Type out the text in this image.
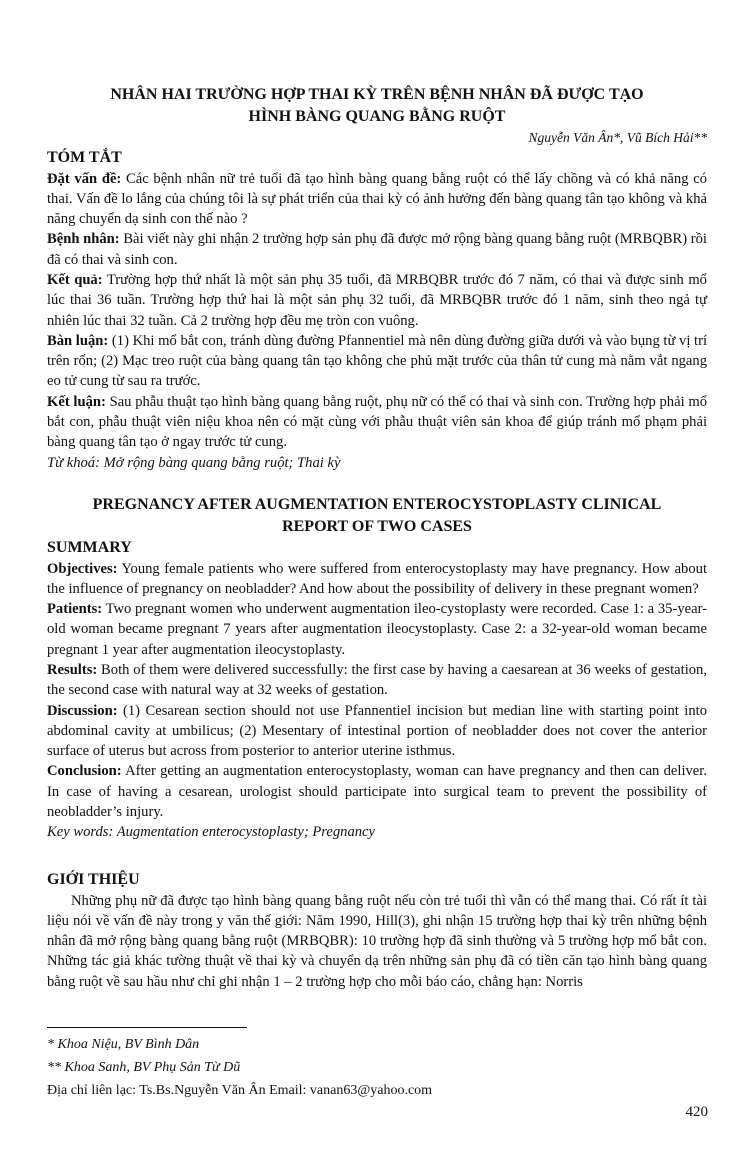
NHÂN HAI TRƯỜNG HỢP THAI KỲ TRÊN BỆNH NHÂN ĐÃ ĐƯỢC TẠO
HÌNH BÀNG QUANG BẰNG RUỘT
Nguyễn Văn Ân*, Vũ Bích Hải**
TÓM TẮT

Đặt vấn đề: Các bệnh nhân nữ trẻ tuổi đã tạo hình bàng quang bằng ruột có thể lấy chồng và có khả năng có thai. Vấn đề lo lắng của chúng tôi là sự phát triển của thai kỳ có ảnh hưởng đến bàng quang tân tạo không và khả năng chuyển dạ sinh con thế nào ?

Bệnh nhân: Bài viết này ghi nhận 2 trường hợp sản phụ đã được mở rộng bàng quang bằng ruột (MRBQBR) rồi đã có thai và sinh con.

Kết quả: Trường hợp thứ nhất là một sản phụ 35 tuổi, đã MRBQBR trước đó 7 năm, có thai và được sinh mổ lúc thai 36 tuần. Trường hợp thứ hai là một sản phụ 32 tuổi, đã MRBQBR trước đó 1 năm, sinh theo ngả tự nhiên lúc thai 32 tuần. Cả 2 trường hợp đều mẹ tròn con vuông.

Bàn luận: (1) Khi mổ bắt con, tránh dùng đường Pfannentiel mà nên dùng đường giữa dưới và vào bụng từ vị trí trên rốn; (2) Mạc treo ruột của bàng quang tân tạo không che phủ mặt trước của thân tử cung mà nằm vắt ngang eo tử cung từ sau ra trước.

Kết luận: Sau phẫu thuật tạo hình bàng quang bằng ruột, phụ nữ có thể có thai và sinh con. Trường hợp phải mổ bắt con, phẫu thuật viên niệu khoa nên có mặt cùng với phẫu thuật viên sản khoa để giúp tránh mổ phạm phải bàng quang tân tạo ở ngay trước tử cung.

Từ khoá: Mở rộng bàng quang bằng ruột; Thai kỳ

PREGNANCY AFTER AUGMENTATION ENTEROCYSTOPLASTY CLINICAL
REPORT OF TWO CASES
SUMMARY

Objectives: Young female patients who were suffered from enterocystoplasty may have pregnancy. How about the influence of pregnancy on neobladder? And how about the possibility of delivery in these pregnant women?

Patients: Two pregnant women who underwent augmentation ileo-cystoplasty were recorded. Case 1: a 35-year-old woman became pregnant 7 years after augmentation ileocystoplasty. Case 2: a 32-year-old woman became pregnant 1 year after augmentation ileocystoplasty.

Results: Both of them were delivered successfully: the first case by having a caesarean at 36 weeks of gestation, the second case with natural way at 32 weeks of gestation.

Discussion: (1) Cesarean section should not use Pfannentiel incision but median line with starting point into abdominal cavity at umbilicus; (2) Mesentary of intestinal portion of neobladder does not cover the anterior surface of uterus but across from posterior to anterior uterine isthmus.

Conclusion: After getting an augmentation enterocystoplasty, woman can have pregnancy and then can deliver. In case of having a cesarean, urologist should participate into surgical team to prevent the possibility of neobladder’s injury.

Key words: Augmentation enterocystoplasty; Pregnancy

GIỚI THIỆU

Những phụ nữ đã được tạo hình bàng quang bằng ruột nếu còn trẻ tuổi thì vẫn có thể mang thai. Có rất ít tài liệu nói về vấn đề này trong y văn thế giới: Năm 1990, Hill(3), ghi nhận 15 trường hợp thai kỳ trên những bệnh nhân đã mở rộng bàng quang bằng ruột (MRBQBR): 10 trường hợp đã sinh thường và 5 trường hợp mổ bắt con. Những tác giả khác tường thuật về thai kỳ và chuyển dạ trên những sản phụ đã có tiền căn tạo hình bàng quang bằng ruột về sau hầu như chỉ ghi nhận 1 – 2 trường hợp cho mỗi báo cáo, chẳng hạn: Norris

* Khoa Niệu, BV Bình Dân
** Khoa Sanh, BV Phụ Sản Từ Dũ
Địa chỉ liên lạc: Ts.Bs.Nguyễn Văn Ân Email: vanan63@yahoo.com
420
